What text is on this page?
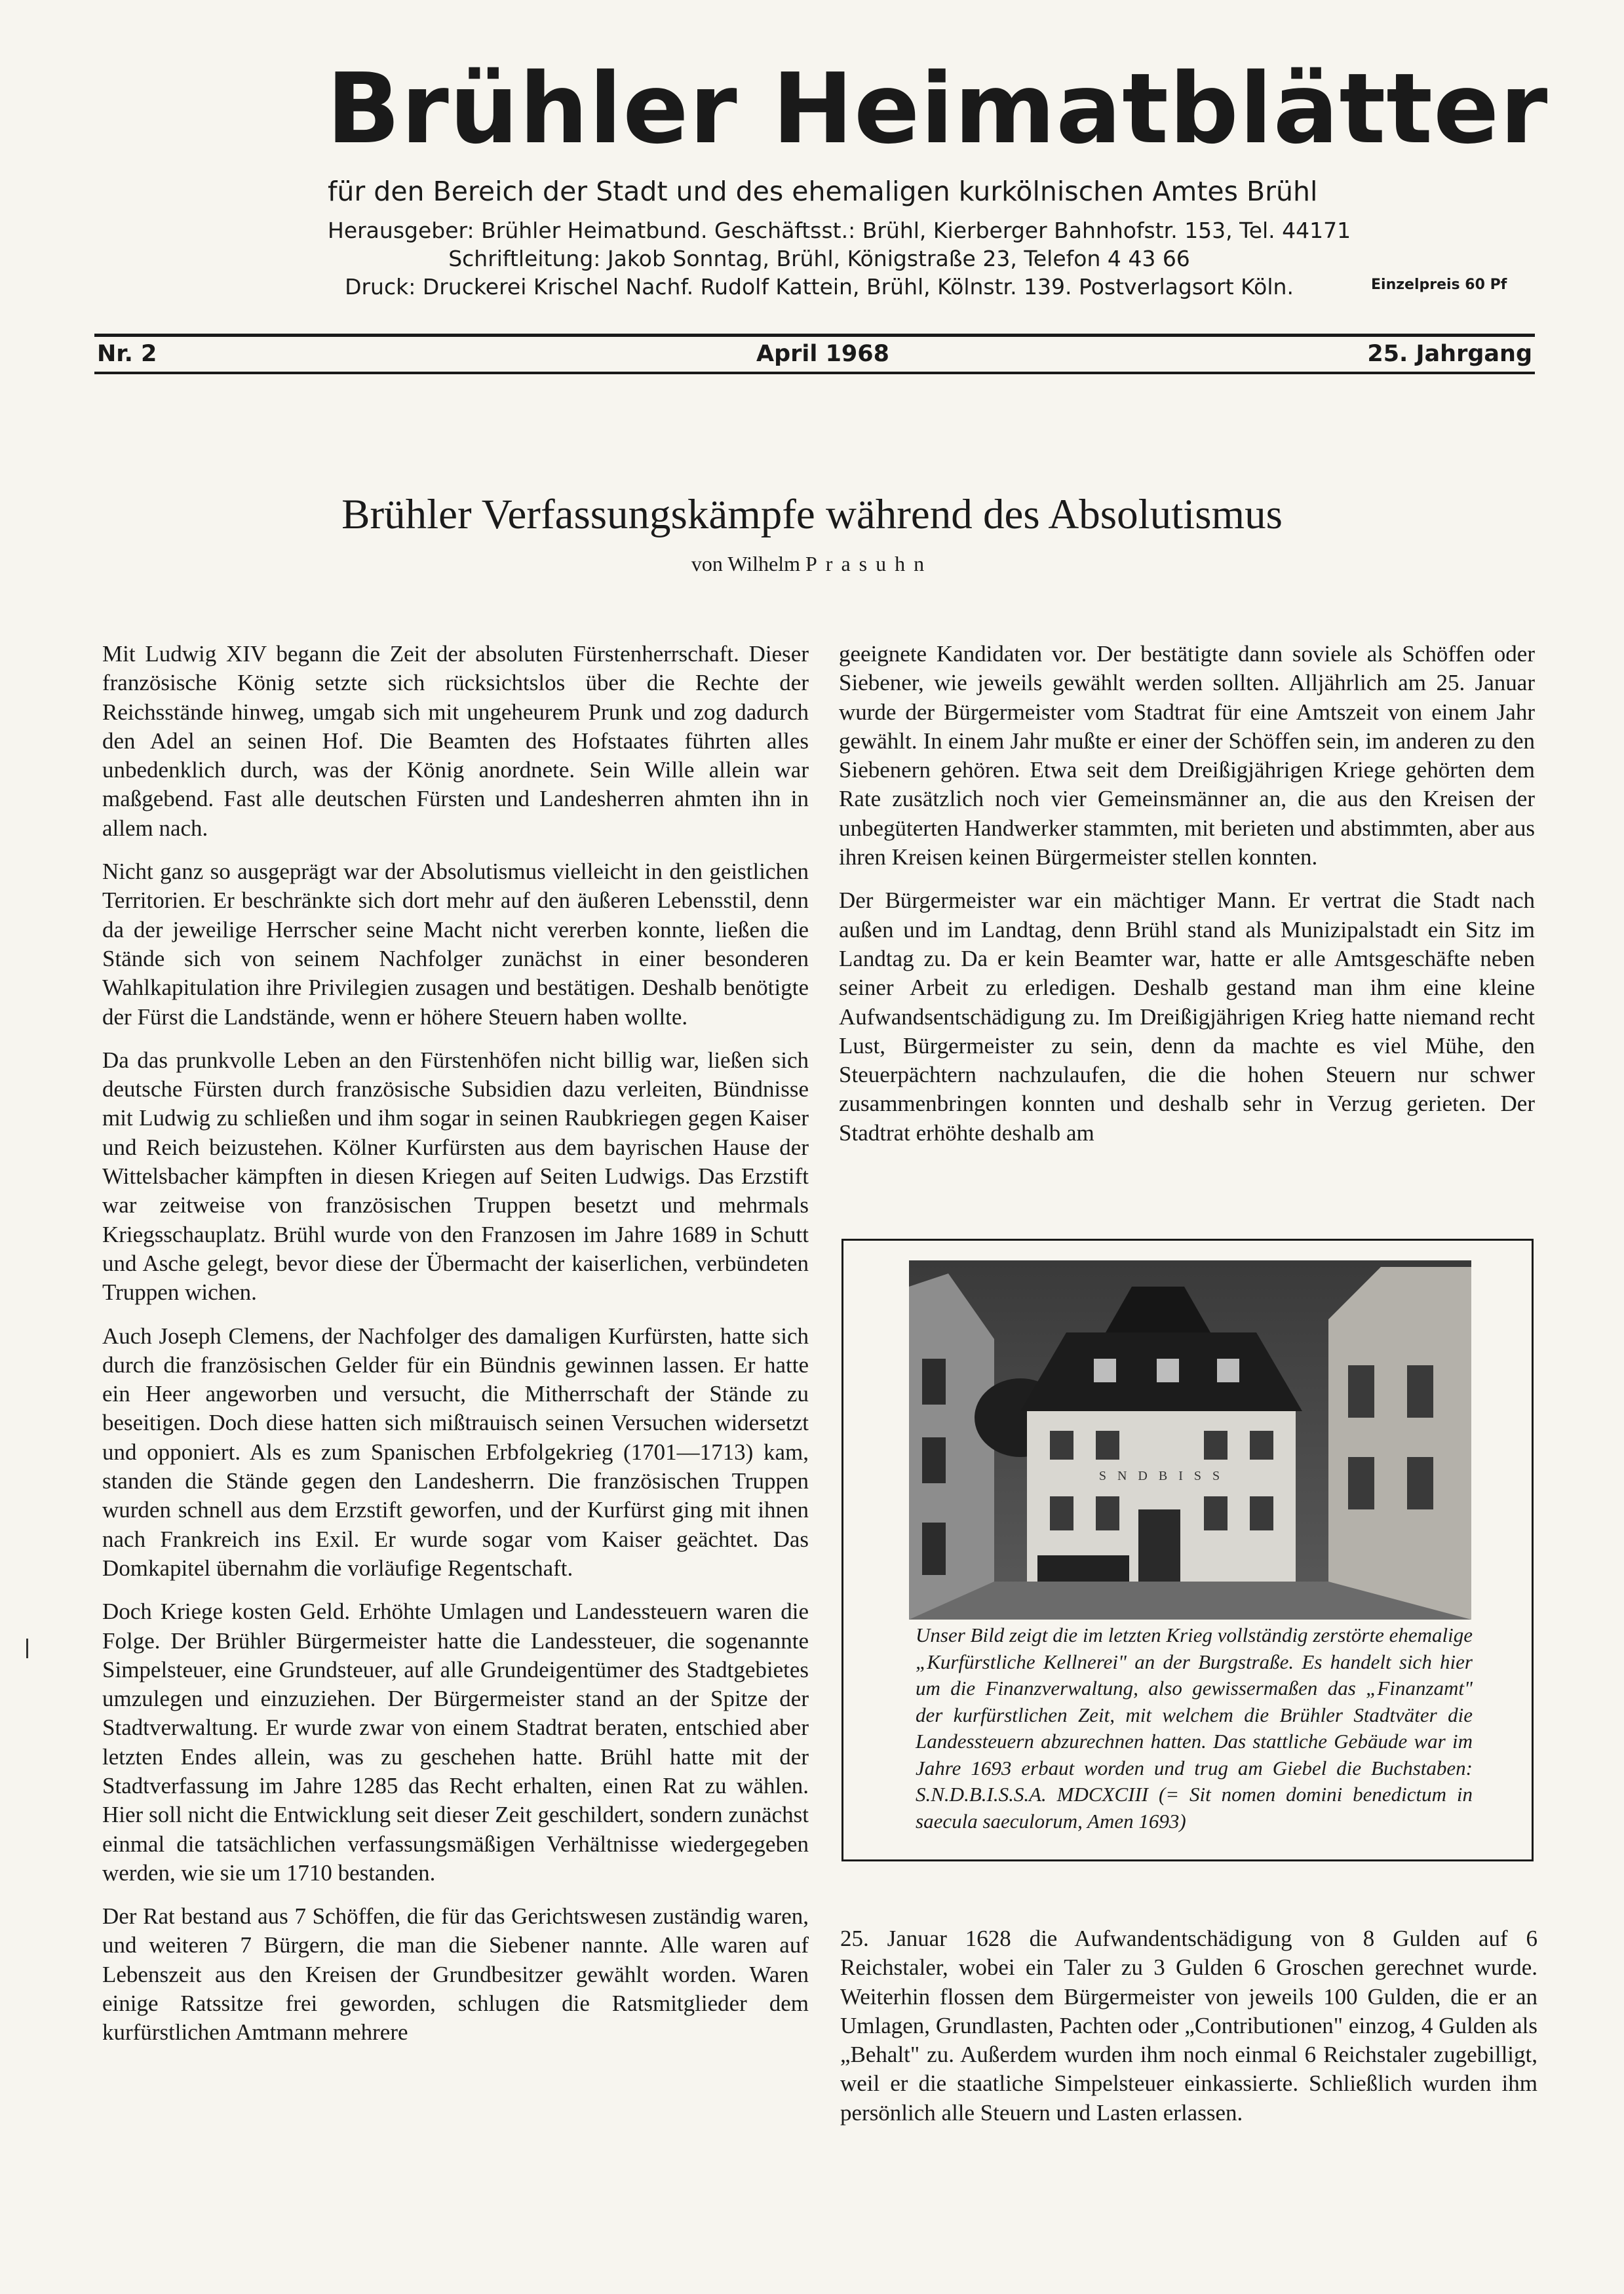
Brühler Heimatblätter
für den Bereich der Stadt und des ehemaligen kurkölnischen Amtes Brühl
Herausgeber: Brühler Heimatbund. Geschäftsst.: Brühl, Kierberger Bahnhofstr. 153, Tel. 44171
Schriftleitung: Jakob Sonntag, Brühl, Königstraße 23, Telefon 4 43 66
Druck: Druckerei Krischel Nachf. Rudolf Kattein, Brühl, Kölnstr. 139. Postverlagsort Köln.	Einzelpreis 60 Pf
Nr. 2	April 1968	25. Jahrgang
Brühler Verfassungskämpfe während des Absolutismus
von Wilhelm Prasuhn

Mit Ludwig XIV begann die Zeit der absoluten Fürstenherrschaft. Dieser französische König setzte sich rücksichtslos über die Rechte der Reichsstände hinweg, umgab sich mit ungeheurem Prunk und zog dadurch den Adel an seinen Hof. Die Beamten des Hofstaates führten alles unbedenklich durch, was der König anordnete. Sein Wille allein war maßgebend. Fast alle deutschen Fürsten und Landesherren ahmten ihn in allem nach.

Nicht ganz so ausgeprägt war der Absolutismus vielleicht in den geistlichen Territorien. Er beschränkte sich dort mehr auf den äußeren Lebensstil, denn da der jeweilige Herrscher seine Macht nicht vererben konnte, ließen die Stände sich von seinem Nachfolger zunächst in einer besonderen Wahlkapitulation ihre Privilegien zusagen und bestätigen. Deshalb benötigte der Fürst die Landstände, wenn er höhere Steuern haben wollte.

Da das prunkvolle Leben an den Fürstenhöfen nicht billig war, ließen sich deutsche Fürsten durch französische Subsidien dazu verleiten, Bündnisse mit Ludwig zu schließen und ihm sogar in seinen Raubkriegen gegen Kaiser und Reich beizustehen. Kölner Kurfürsten aus dem bayrischen Hause der Wittelsbacher kämpften in diesen Kriegen auf Seiten Ludwigs. Das Erzstift war zeitweise von französischen Truppen besetzt und mehrmals Kriegsschauplatz. Brühl wurde von den Franzosen im Jahre 1689 in Schutt und Asche gelegt, bevor diese der Übermacht der kaiserlichen, verbündeten Truppen wichen.

Auch Joseph Clemens, der Nachfolger des damaligen Kurfürsten, hatte sich durch die französischen Gelder für ein Bündnis gewinnen lassen. Er hatte ein Heer angeworben und versucht, die Mitherrschaft der Stände zu beseitigen. Doch diese hatten sich mißtrauisch seinen Versuchen widersetzt und opponiert. Als es zum Spanischen Erbfolgekrieg (1701—1713) kam, standen die Stände gegen den Landesherrn. Die französischen Truppen wurden schnell aus dem Erzstift geworfen, und der Kurfürst ging mit ihnen nach Frankreich ins Exil. Er wurde sogar vom Kaiser geächtet. Das Domkapitel übernahm die vorläufige Regentschaft.

Doch Kriege kosten Geld. Erhöhte Umlagen und Landessteuern waren die Folge. Der Brühler Bürgermeister hatte die Landessteuer, die sogenannte Simpelsteuer, eine Grundsteuer, auf alle Grundeigentümer des Stadtgebietes umzulegen und einzuziehen. Der Bürgermeister stand an der Spitze der Stadtverwaltung. Er wurde zwar von einem Stadtrat beraten, entschied aber letzten Endes allein, was zu geschehen hatte. Brühl hatte mit der Stadtverfassung im Jahre 1285 das Recht erhalten, einen Rat zu wählen. Hier soll nicht die Entwicklung seit dieser Zeit geschildert, sondern zunächst einmal die tatsächlichen verfassungsmäßigen Verhältnisse wiedergegeben werden, wie sie um 1710 bestanden.

Der Rat bestand aus 7 Schöffen, die für das Gerichtswesen zuständig waren, und weiteren 7 Bürgern, die man die Siebener nannte. Alle waren auf Lebenszeit aus den Kreisen der Grundbesitzer gewählt worden. Waren einige Ratssitze frei geworden, schlugen die Ratsmitglieder dem kurfürstlichen Amtmann mehrere

geeignete Kandidaten vor. Der bestätigte dann soviele als Schöffen oder Siebener, wie jeweils gewählt werden sollten. Alljährlich am 25. Januar wurde der Bürgermeister vom Stadtrat für eine Amtszeit von einem Jahr gewählt. In einem Jahr mußte er einer der Schöffen sein, im anderen zu den Siebenern gehören. Etwa seit dem Dreißigjährigen Kriege gehörten dem Rate zusätzlich noch vier Gemeinsmänner an, die aus den Kreisen der unbegüterten Handwerker stammten, mit berieten und abstimmten, aber aus ihren Kreisen keinen Bürgermeister stellen konnten.

Der Bürgermeister war ein mächtiger Mann. Er vertrat die Stadt nach außen und im Landtag, denn Brühl stand als Munizipalstadt ein Sitz im Landtag zu. Da er kein Beamter war, hatte er alle Amtsgeschäfte neben seiner Arbeit zu erledigen. Deshalb gestand man ihm eine kleine Aufwandsentschädigung zu. Im Dreißigjährigen Krieg hatte niemand recht Lust, Bürgermeister zu sein, denn da machte es viel Mühe, den Steuerpächtern nachzulaufen, die die hohen Steuern nur schwer zusammenbringen konnten und deshalb sehr in Verzug gerieten. Der Stadtrat erhöhte deshalb am

S N D B I S S

Unser Bild zeigt die im letzten Krieg vollständig zerstörte ehemalige „Kurfürstliche Kellnerei" an der Burgstraße. Es handelt sich hier um die Finanzverwaltung, also gewissermaßen das „Finanzamt" der kurfürstlichen Zeit, mit welchem die Brühler Stadtväter die Landessteuern abzurechnen hatten. Das stattliche Gebäude war im Jahre 1693 erbaut worden und trug am Giebel die Buchstaben: S.N.D.B.I.S.S.A. MDCXCIII (= Sit nomen domini benedictum in saecula saeculorum, Amen 1693)

25. Januar 1628 die Aufwandentschädigung von 8 Gulden auf 6 Reichstaler, wobei ein Taler zu 3 Gulden 6 Groschen gerechnet wurde. Weiterhin flossen dem Bürgermeister von jeweils 100 Gulden, die er an Umlagen, Grundlasten, Pachten oder „Contributionen" einzog, 4 Gulden als „Behalt" zu. Außerdem wurden ihm noch einmal 6 Reichstaler zugebilligt, weil er die staatliche Simpelsteuer einkassierte. Schließlich wurden ihm persönlich alle Steuern und Lasten erlassen.
